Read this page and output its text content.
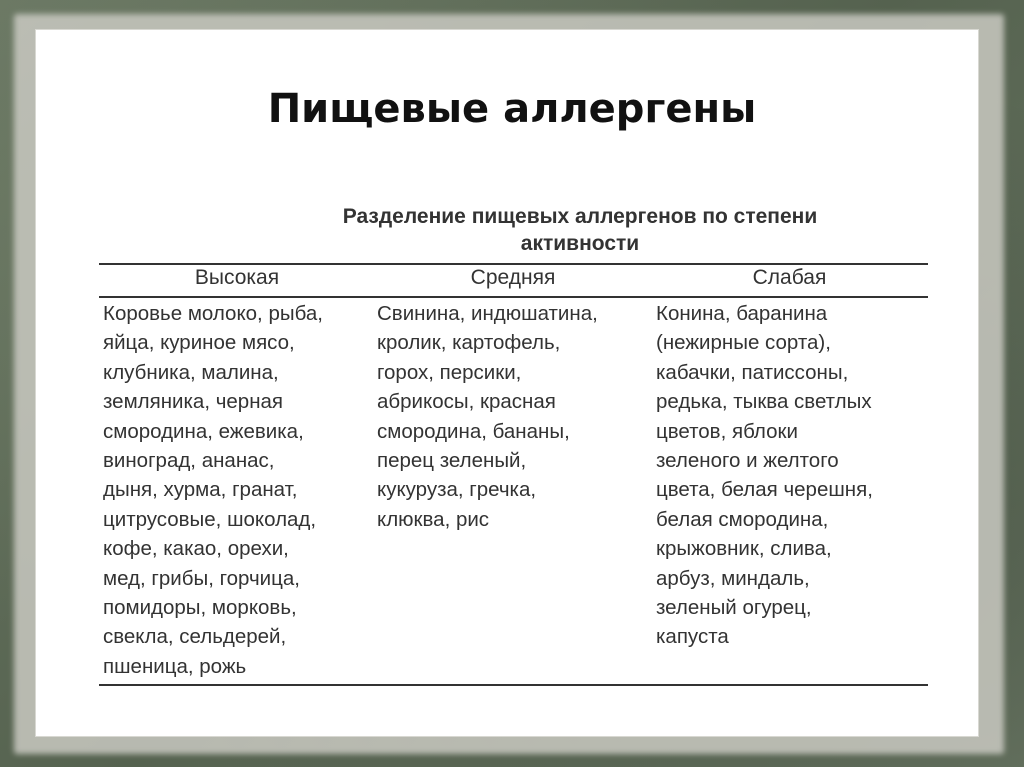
Пищевые аллергены
Разделение пищевых аллергенов по степени
активности
Высокая	Средняя	Слабая
Коровье молоко, рыба,
яйца, куриное мясо,
клубника, малина,
земляника, черная
смородина, ежевика,
виноград, ананас,
дыня, хурма, гранат,
цитрусовые, шоколад,
кофе, какао, орехи,
мед, грибы, горчица,
помидоры, морковь,
свекла, сельдерей,
пшеница, рожь
Свинина, индюшатина,
кролик, картофель,
горох, персики,
абрикосы, красная
смородина, бананы,
перец зеленый,
кукуруза, гречка,
клюква, рис
Конина, баранина
(нежирные сорта),
кабачки, патиссоны,
редька, тыква светлых
цветов, яблоки
зеленого и желтого
цвета, белая черешня,
белая смородина,
крыжовник, слива,
арбуз, миндаль,
зеленый огурец,
капуста
